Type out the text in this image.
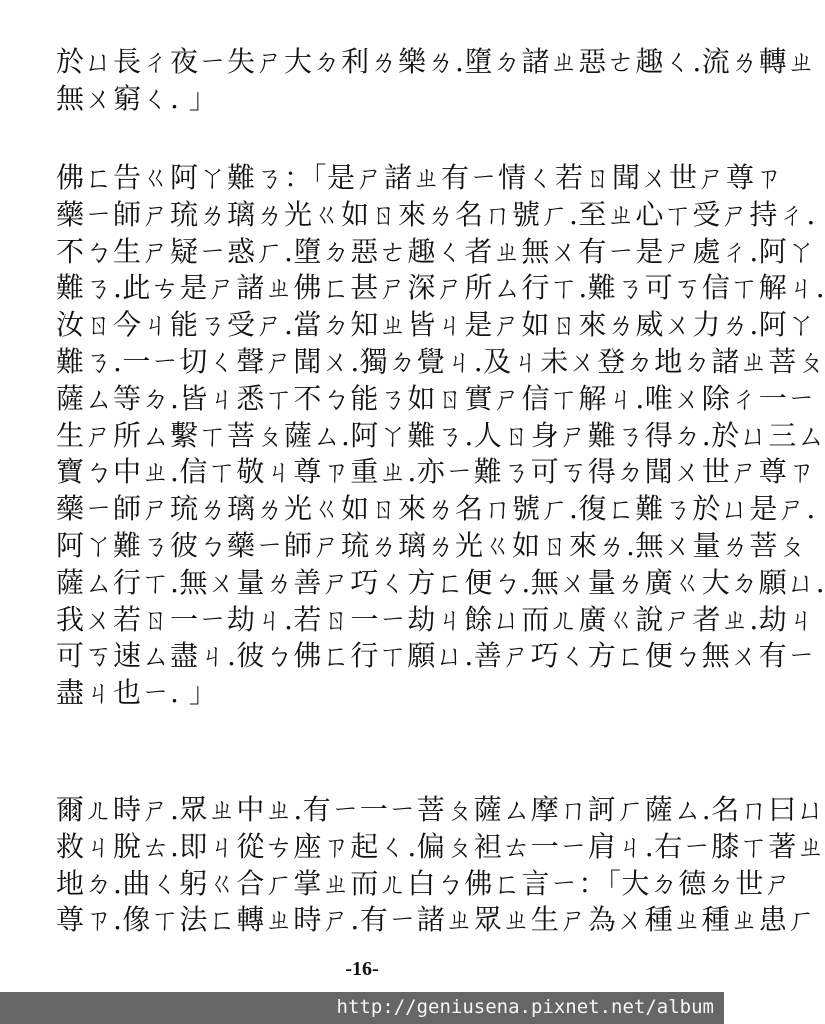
於ㄩ長ㄔ夜ㄧ失ㄕ大ㄉ利ㄌ樂ㄌ.墮ㄉ諸ㄓ惡ㄜ趣ㄑ.流ㄌ轉ㄓ
無ㄨ窮ㄑ. 」
佛ㄈ告ㄍ阿ㄚ難ㄋ：「是ㄕ諸ㄓ有ㄧ情ㄑ若ㄖ聞ㄨ世ㄕ尊ㄗ
藥ㄧ師ㄕ琉ㄌ璃ㄌ光ㄍ如ㄖ來ㄌ名ㄇ號ㄏ.至ㄓ心ㄒ受ㄕ持ㄔ.
不ㄅ生ㄕ疑ㄧ惑ㄏ.墮ㄉ惡ㄜ趣ㄑ者ㄓ無ㄨ有ㄧ是ㄕ處ㄔ.阿ㄚ
難ㄋ.此ㄘ是ㄕ諸ㄓ佛ㄈ甚ㄕ深ㄕ所ㄙ行ㄒ.難ㄋ可ㄎ信ㄒ解ㄐ.
汝ㄖ今ㄐ能ㄋ受ㄕ.當ㄉ知ㄓ皆ㄐ是ㄕ如ㄖ來ㄌ威ㄨ力ㄌ.阿ㄚ
難ㄋ.一ㄧ切ㄑ聲ㄕ聞ㄨ.獨ㄉ覺ㄐ.及ㄐ未ㄨ登ㄉ地ㄉ諸ㄓ菩ㄆ
薩ㄙ等ㄉ.皆ㄐ悉ㄒ不ㄅ能ㄋ如ㄖ實ㄕ信ㄒ解ㄐ.唯ㄨ除ㄔ一ㄧ
生ㄕ所ㄙ繫ㄒ菩ㄆ薩ㄙ.阿ㄚ難ㄋ.人ㄖ身ㄕ難ㄋ得ㄉ.於ㄩ三ㄙ
寶ㄅ中ㄓ.信ㄒ敬ㄐ尊ㄗ重ㄓ.亦ㄧ難ㄋ可ㄎ得ㄉ聞ㄨ世ㄕ尊ㄗ
藥ㄧ師ㄕ琉ㄌ璃ㄌ光ㄍ如ㄖ來ㄌ名ㄇ號ㄏ.復ㄈ難ㄋ於ㄩ是ㄕ.
阿ㄚ難ㄋ彼ㄅ藥ㄧ師ㄕ琉ㄌ璃ㄌ光ㄍ如ㄖ來ㄌ.無ㄨ量ㄌ菩ㄆ
薩ㄙ行ㄒ.無ㄨ量ㄌ善ㄕ巧ㄑ方ㄈ便ㄅ.無ㄨ量ㄌ廣ㄍ大ㄉ願ㄩ.
我ㄨ若ㄖ一ㄧ劫ㄐ.若ㄖ一ㄧ劫ㄐ餘ㄩ而ㄦ廣ㄍ說ㄕ者ㄓ.劫ㄐ
可ㄎ速ㄙ盡ㄐ.彼ㄅ佛ㄈ行ㄒ願ㄩ.善ㄕ巧ㄑ方ㄈ便ㄅ無ㄨ有ㄧ
盡ㄐ也ㄧ. 」
爾ㄦ時ㄕ.眾ㄓ中ㄓ.有ㄧ一ㄧ菩ㄆ薩ㄙ摩ㄇ訶ㄏ薩ㄙ.名ㄇ曰ㄩ
救ㄐ脫ㄊ.即ㄐ從ㄘ座ㄗ起ㄑ.偏ㄆ袒ㄊ一ㄧ肩ㄐ.右ㄧ膝ㄒ著ㄓ
地ㄉ.曲ㄑ躬ㄍ合ㄏ掌ㄓ而ㄦ白ㄅ佛ㄈ言ㄧ：「大ㄉ德ㄉ世ㄕ
尊ㄗ.像ㄒ法ㄈ轉ㄓ時ㄕ.有ㄧ諸ㄓ眾ㄓ生ㄕ為ㄨ種ㄓ種ㄓ患ㄏ
-16-
http://geniusena.pixnet.net/album
